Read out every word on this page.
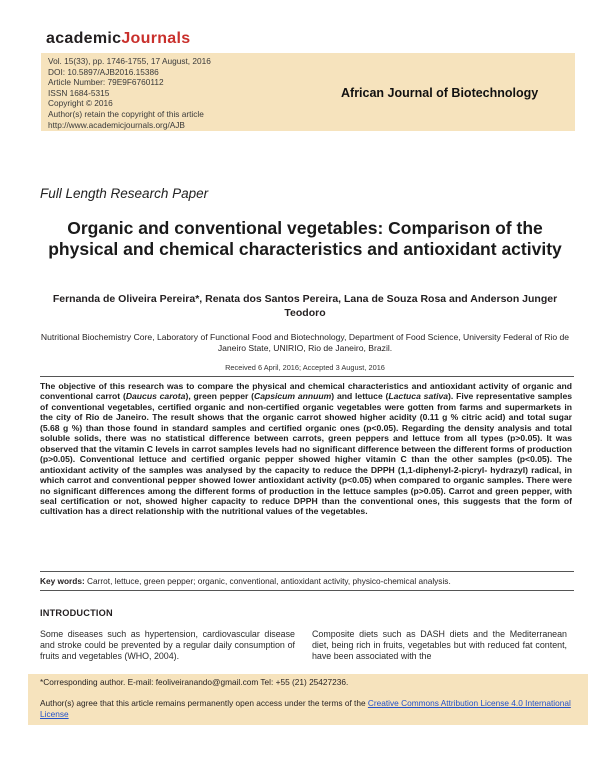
academicJournals
Vol. 15(33), pp. 1746-1755, 17 August, 2016
DOI: 10.5897/AJB2016.15386
Article Number: 79E9F6760112
ISSN 1684-5315
Copyright © 2016
Author(s) retain the copyright of this article
http://www.academicjournals.org/AJB
African Journal of Biotechnology
Full Length Research Paper
Organic and conventional vegetables: Comparison of the physical and chemical characteristics and antioxidant activity
Fernanda de Oliveira Pereira*, Renata dos Santos Pereira, Lana de Souza Rosa and Anderson Junger Teodoro
Nutritional Biochemistry Core, Laboratory of Functional Food and Biotechnology, Department of Food Science, University Federal of Rio de Janeiro State, UNIRIO, Rio de Janeiro, Brazil.
Received 6 April, 2016; Accepted 3 August, 2016
The objective of this research was to compare the physical and chemical characteristics and antioxidant activity of organic and conventional carrot (Daucus carota), green pepper (Capsicum annuum) and lettuce (Lactuca sativa). Five representative samples of conventional vegetables, certified organic and non-certified organic vegetables were gotten from farms and supermarkets in the city of Rio de Janeiro. The result shows that the organic carrot showed higher acidity (0.11 g % citric acid) and total sugar (5.68 g %) than those found in standard samples and certified organic ones (p<0.05). Regarding the density analysis and total soluble solids, there was no statistical difference between carrots, green peppers and lettuce from all types (p>0.05). It was observed that the vitamin C levels in carrot samples levels had no significant difference between the different forms of production (p>0.05). Conventional lettuce and certified organic pepper showed higher vitamin C than the other samples (p<0.05). The antioxidant activity of the samples was analysed by the capacity to reduce the DPPH (1,1-diphenyl-2-picryl- hydrazyl) radical, in which carrot and conventional pepper showed lower antioxidant activity (p<0.05) when compared to organic samples. There were no significant differences among the different forms of production in the lettuce samples (p>0.05). Carrot and green pepper, with seal certification or not, showed higher capacity to reduce DPPH than the conventional ones, this suggests that the form of cultivation has a direct relationship with the nutritional values of the vegetables.
Key words: Carrot, lettuce, green pepper; organic, conventional, antioxidant activity, physico-chemical analysis.
INTRODUCTION
Some diseases such as hypertension, cardiovascular disease and stroke could be prevented by a regular daily consumption of fruits and vegetables (WHO, 2004).
Composite diets such as DASH diets and the Mediterranean diet, being rich in fruits, vegetables but with reduced fat content, have been associated with the
*Corresponding author. E-mail: feoliveiranando@gmail.com Tel: +55 (21) 25427236.
Author(s) agree that this article remains permanently open access under the terms of the Creative Commons Attribution License 4.0 International License
